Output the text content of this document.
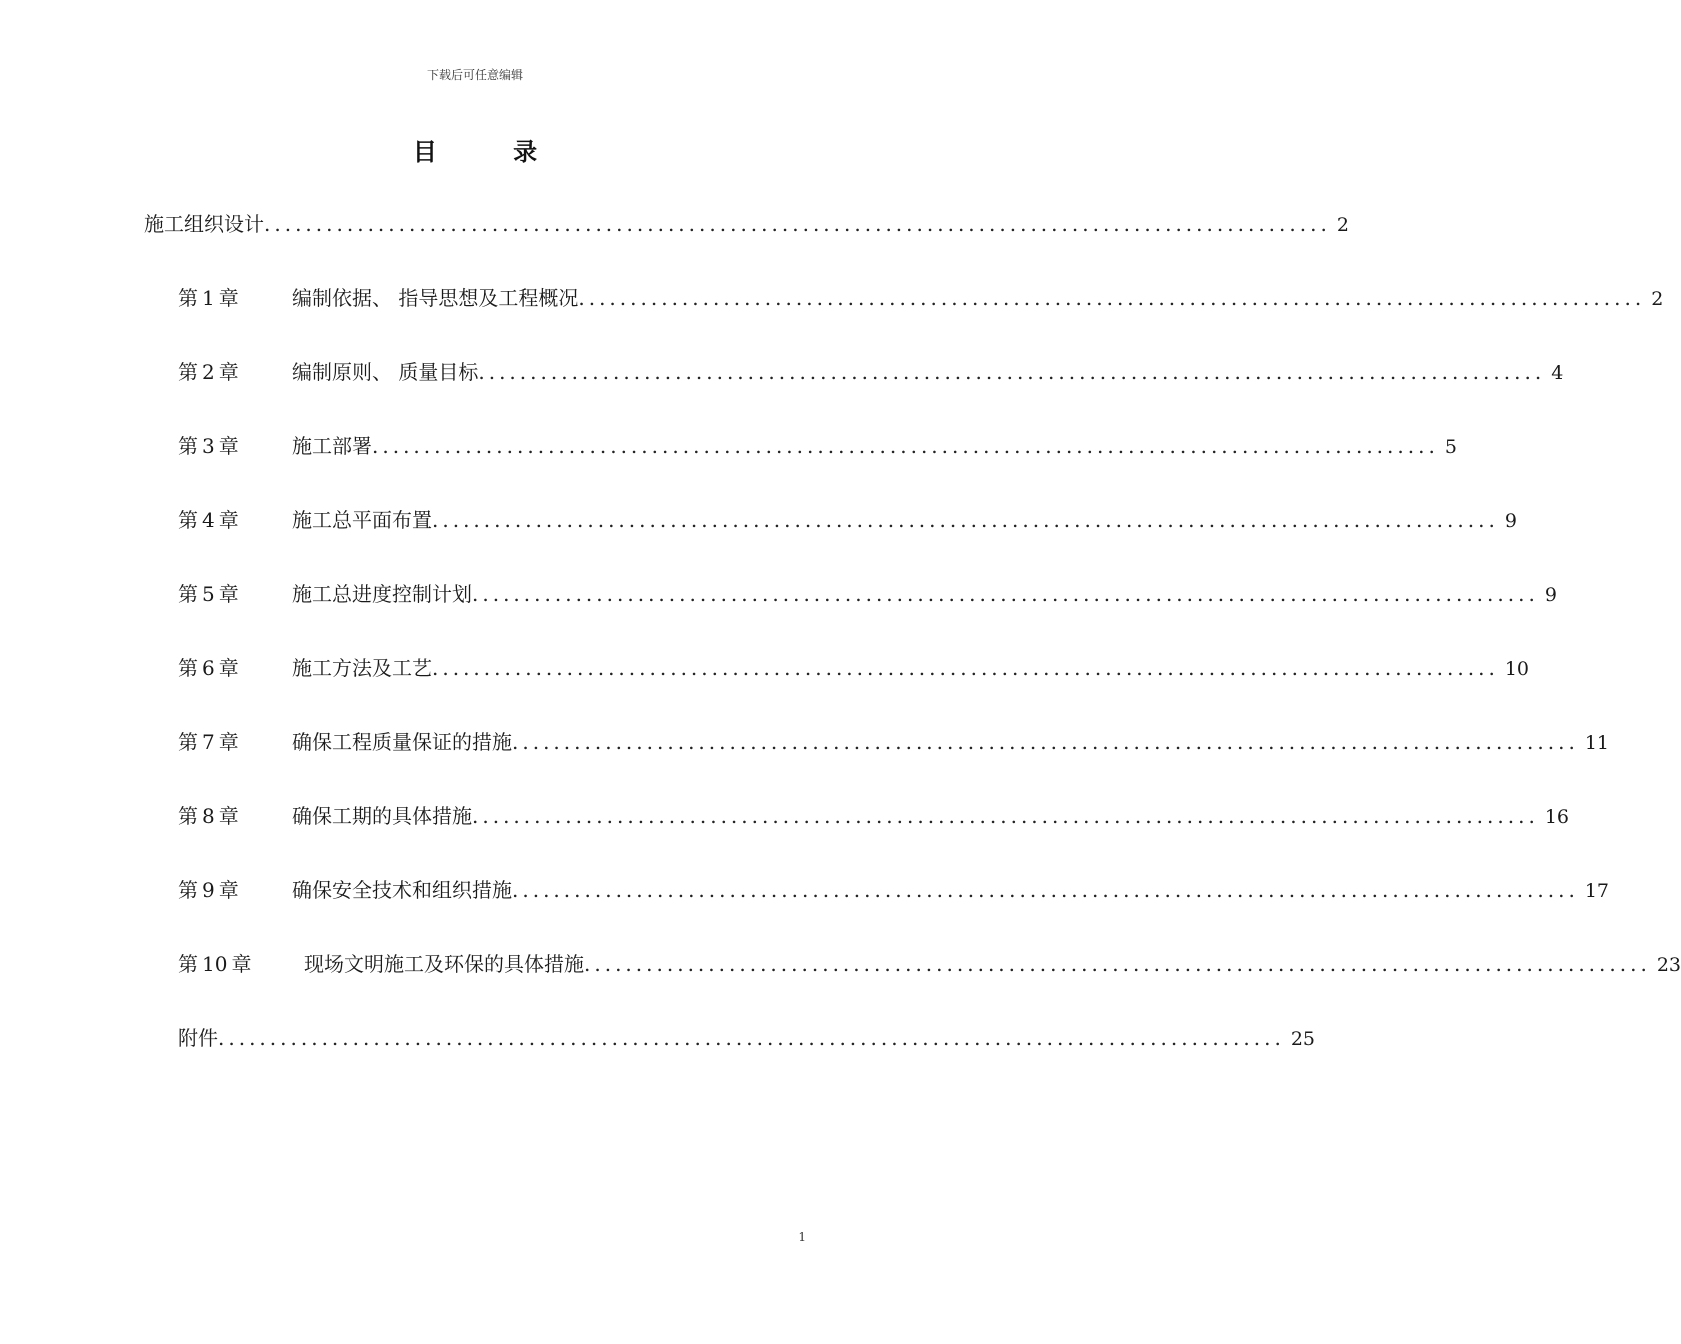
下载后可任意编辑
目 录
施工组织设计 ....................................................................................................... 2
第 1 章	编制依据、 指导思想及工程概况 ....................................................................................................... 2
第 2 章	编制原则、 质量目标 ....................................................................................................... 4
第 3 章	施工部署 ....................................................................................................... 5
第 4 章	施工总平面布置 ....................................................................................................... 9
第 5 章	施工总进度控制计划 ....................................................................................................... 9
第 6 章	施工方法及工艺 ....................................................................................................... 10
第 7 章	确保工程质量保证的措施 ....................................................................................................... 11
第 8 章	确保工期的具体措施 ....................................................................................................... 16
第 9 章	确保安全技术和组织措施 ....................................................................................................... 17
第 10 章	现场文明施工及环保的具体措施 ....................................................................................................... 23
附件 ....................................................................................................... 25
1
